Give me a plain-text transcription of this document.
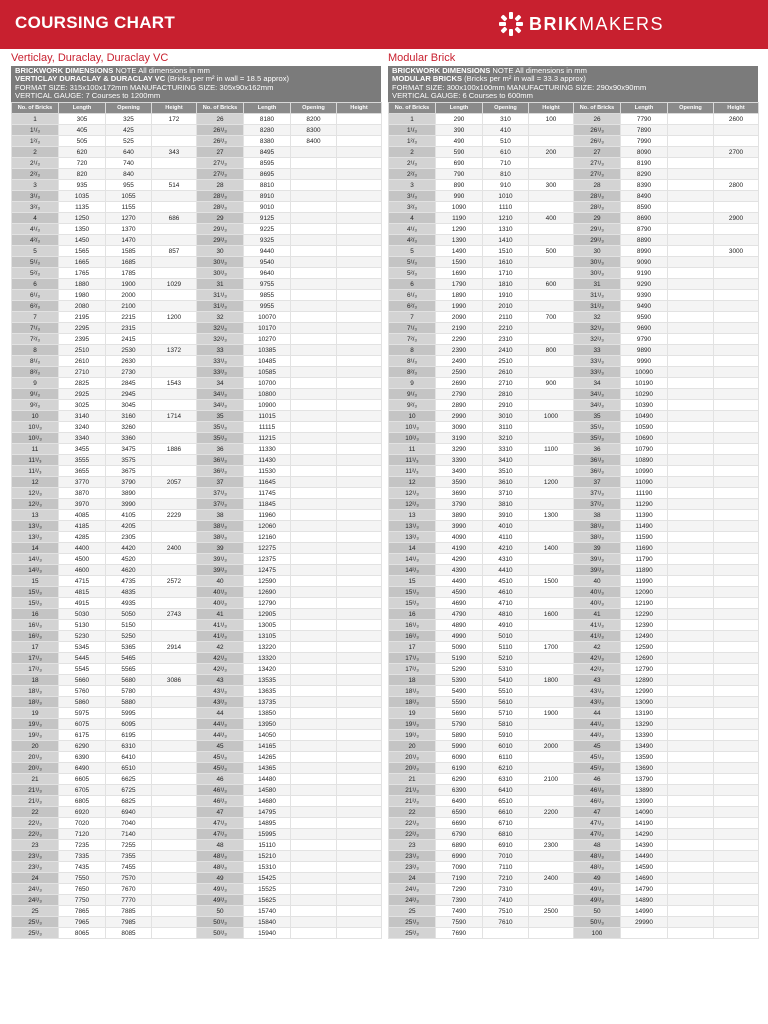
COURSING CHART	BRIKMAKERS
Verticlay, Duraclay, Duraclay VC	Modular Brick
BRICKWORK DIMENSIONS NOTE All dimensions in mm
VERTICLAY DURACLAY & DURACLAY VC (Bricks per m² in wall = 18.5 approx)
FORMAT SIZE: 315x100x172mm MANUFACTURING SIZE: 305x90x162mm
VERTICAL GAUGE: 7 Courses to 1200mm
No. of Bricks	Length	Opening	Height	No. of Bricks	Length	Opening	Height
1	305	325	172	26	8180	8200	
1¹/₃	405	425		26¹/₃	8280	8300	
1²/₃	505	525		26²/₃	8380	8400	
2	620	640	343	27	8495		
2¹/₃	720	740		27¹/₃	8595		
2²/₃	820	840		27²/₃	8695		
3	935	955	514	28	8810		
3¹/₃	1035	1055		28¹/₃	8910		
3²/₃	1135	1155		28²/₃	9010		
4	1250	1270	686	29	9125		
4¹/₃	1350	1370		29¹/₃	9225		
4²/₃	1450	1470		29²/₃	9325		
5	1565	1585	857	30	9440		
5¹/₃	1665	1685		30¹/₃	9540		
5²/₃	1765	1785		30²/₃	9640		
6	1880	1900	1029	31	9755		
6¹/₃	1980	2000		31¹/₃	9855		
6²/₃	2080	2100		31²/₃	9955		
7	2195	2215	1200	32	10070		
7¹/₃	2295	2315		32¹/₃	10170		
7²/₃	2395	2415		32²/₃	10270		
8	2510	2530	1372	33	10385		
8¹/₃	2610	2630		33¹/₃	10485		
8²/₃	2710	2730		33²/₃	10585		
9	2825	2845	1543	34	10700		
9¹/₃	2925	2945		34¹/₃	10800		
9²/₃	3025	3045		34²/₃	10900		
10	3140	3160	1714	35	11015		
10¹/₃	3240	3260		35¹/₃	11115		
10²/₃	3340	3360		35²/₃	11215		
11	3455	3475	1886	36	11330		
11¹/₃	3555	3575		36¹/₃	11430		
11²/₃	3655	3675		36²/₃	11530		
12	3770	3790	2057	37	11645		
12¹/₃	3870	3890		37¹/₃	11745		
12²/₃	3970	3990		37²/₃	11845		
13	4085	4105	2229	38	11960		
13¹/₃	4185	4205		38¹/₃	12060		
13²/₃	4285	2305		38²/₃	12160		
14	4400	4420	2400	39	12275		
14¹/₃	4500	4520		39¹/₃	12375		
14²/₃	4600	4620		39²/₃	12475		
15	4715	4735	2572	40	12590		
15¹/₃	4815	4835		40¹/₃	12690		
15²/₃	4915	4935		40²/₃	12790		
16	5030	5050	2743	41	12905		
16¹/₃	5130	5150		41¹/₃	13005		
16²/₃	5230	5250		41²/₃	13105		
17	5345	5365	2914	42	13220		
17¹/₃	5445	5465		42¹/₃	13320		
17²/₃	5545	5565		42²/₃	13420		
18	5660	5680	3086	43	13535		
18¹/₃	5760	5780		43¹/₃	13635		
18²/₃	5860	5880		43²/₃	13735		
19	5975	5995		44	13850		
19¹/₃	6075	6095		44¹/₃	13950		
19²/₃	6175	6195		44²/₃	14050		
20	6290	6310		45	14165		
20¹/₃	6390	6410		45¹/₃	14265		
20²/₃	6490	6510		45²/₃	14365		
21	6605	6625		46	14480		
21¹/₃	6705	6725		46¹/₃	14580		
21²/₃	6805	6825		46²/₃	14680		
22	6920	6940		47	14795		
22¹/₃	7020	7040		47¹/₃	14895		
22²/₃	7120	7140		47²/₃	15995		
23	7235	7255		48	15110		
23¹/₃	7335	7355		48¹/₃	15210		
23²/₃	7435	7455		48²/₃	15310		
24	7550	7570		49	15425		
24¹/₃	7650	7670		49¹/₃	15525		
24²/₃	7750	7770		49²/₃	15625		
25	7865	7885		50	15740		
25¹/₃	7965	7985		50¹/₃	15840		
25²/₃	8065	8085		50²/₃	15940		
BRICKWORK DIMENSIONS NOTE All dimensions in mm
MODULAR BRICKS (Bricks per m² in wall = 33.3 approx)
FORMAT SIZE: 300x100x100mm MANUFACTURING SIZE: 290x90x90mm
VERTICAL GAUGE: 6 Courses to 600mm
No. of Bricks	Length	Opening	Height	No. of Bricks	Length	Opening	Height
1	290	310	100	26	7790		2600
1¹/₃	390	410		26¹/₃	7890		
1²/₃	490	510		26²/₃	7990		
2	590	610	200	27	8090		2700
2¹/₃	690	710		27¹/₃	8190		
2²/₃	790	810		27²/₃	8290		
3	890	910	300	28	8390		2800
3¹/₃	990	1010		28¹/₃	8490		
3²/₃	1090	1110		28²/₃	8590		
4	1190	1210	400	29	8690		2900
4¹/₃	1290	1310		29¹/₃	8790		
4²/₃	1390	1410		29²/₃	8890		
5	1490	1510	500	30	8990		3000
5¹/₃	1590	1610		30¹/₃	9090		
5²/₃	1690	1710		30²/₃	9190		
6	1790	1810	600	31	9290		
6¹/₃	1890	1910		31¹/₃	9390		
6²/₃	1990	2010		31²/₃	9490		
7	2090	2110	700	32	9590		
7¹/₃	2190	2210		32¹/₃	9690		
7²/₃	2290	2310		32²/₃	9790		
8	2390	2410	800	33	9890		
8¹/₃	2490	2510		33¹/₃	9990		
8²/₃	2590	2610		33²/₃	10090		
9	2690	2710	900	34	10190		
9¹/₃	2790	2810		34¹/₃	10290		
9²/₃	2890	2910		34²/₃	10390		
10	2990	3010	1000	35	10490		
10¹/₃	3090	3110		35¹/₃	10590		
10²/₃	3190	3210		35²/₃	10690		
11	3290	3310	1100	36	10790		
11¹/₃	3390	3410		36¹/₃	10890		
11²/₃	3490	3510		36²/₃	10990		
12	3590	3610	1200	37	11090		
12¹/₃	3690	3710		37¹/₃	11190		
12²/₃	3790	3810		37²/₃	11290		
13	3890	3910	1300	38	11390		
13¹/₃	3990	4010		38¹/₃	11490		
13²/₃	4090	4110		38²/₃	11590		
14	4190	4210	1400	39	11690		
14¹/₃	4290	4310		39¹/₃	11790		
14²/₃	4390	4410		39²/₃	11890		
15	4490	4510	1500	40	11990		
15¹/₃	4590	4610		40¹/₃	12090		
15²/₃	4690	4710		40²/₃	12190		
16	4790	4810	1600	41	12290		
16¹/₃	4890	4910		41¹/₃	12390		
16²/₃	4990	5010		41²/₃	12490		
17	5090	5110	1700	42	12590		
17¹/₃	5190	5210		42¹/₃	12690		
17²/₃	5290	5310		42²/₃	12790		
18	5390	5410	1800	43	12890		
18¹/₃	5490	5510		43¹/₃	12990		
18²/₃	5590	5610		43²/₃	13090		
19	5690	5710	1900	44	13190		
19¹/₃	5790	5810		44¹/₃	13290		
19²/₃	5890	5910		44²/₃	13390		
20	5990	6010	2000	45	13490		
20¹/₃	6090	6110		45¹/₃	13590		
20²/₃	6190	6210		45²/₃	13690		
21	6290	6310	2100	46	13790		
21¹/₃	6390	6410		46¹/₃	13890		
21²/₃	6490	6510		46²/₃	13990		
22	6590	6610	2200	47	14090		
22¹/₃	6690	6710		47¹/₃	14190		
22²/₃	6790	6810		47²/₃	14290		
23	6890	6910	2300	48	14390		
23¹/₃	6990	7010		48¹/₃	14490		
23²/₃	7090	7110		48²/₃	14590		
24	7190	7210	2400	49	14690		
24¹/₃	7290	7310		49¹/₃	14790		
24²/₃	7390	7410		49²/₃	14890		
25	7490	7510	2500	50	14990		
25¹/₃	7590	7610		50¹/₃	29990		
25²/₃	7690			100			
